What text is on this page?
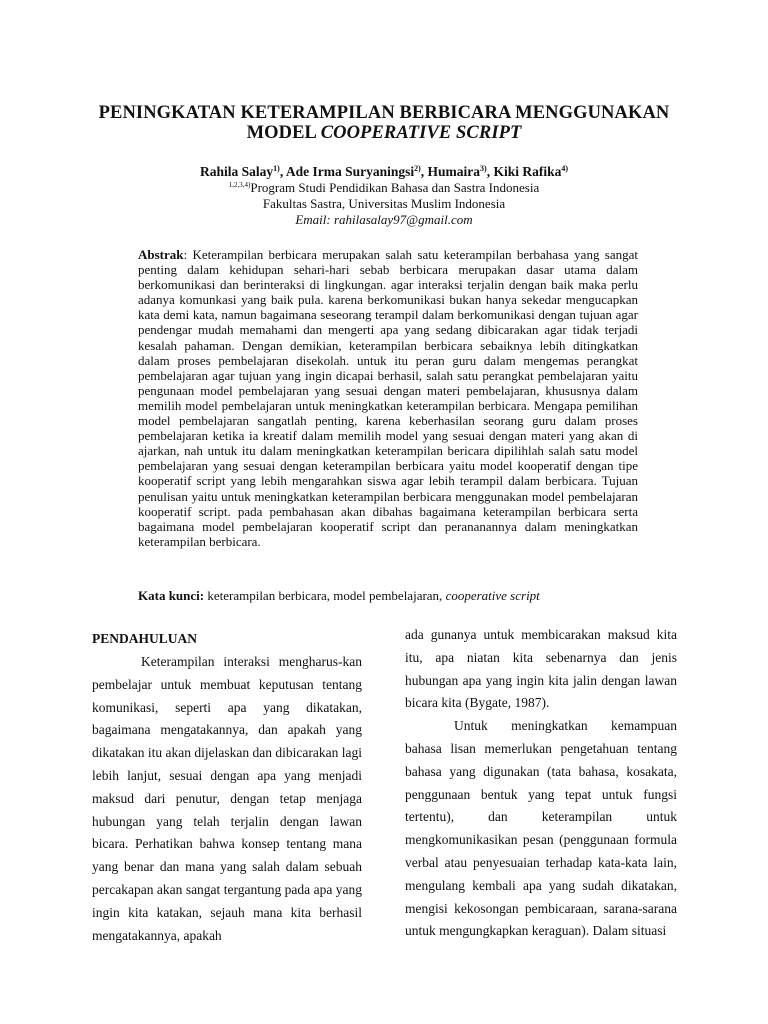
PENINGKATAN KETERAMPILAN BERBICARA MENGGUNAKAN
MODEL COOPERATIVE SCRIPT
Rahila Salay$^{1)}$, Ade Irma Suryaningsi$^{2)}$, Humaira$^{3)}$, Kiki Rafika$^{4)}$
$^{1,2,3,4)}$Program Studi Pendidikan Bahasa dan Sastra Indonesia
Fakultas Sastra, Universitas Muslim Indonesia
Email: rahilasalay97@gmail.com
Abstrak: Keterampilan berbicara merupakan salah satu keterampilan berbahasa yang sangat penting dalam kehidupan sehari-hari sebab berbicara merupakan dasar utama dalam berkomunikasi dan berinteraksi di lingkungan. agar interaksi terjalin dengan baik maka perlu adanya komunkasi yang baik pula. karena berkomunikasi bukan hanya sekedar mengucapkan kata demi kata, namun bagaimana seseorang terampil dalam berkomunikasi dengan tujuan agar pendengar mudah memahami dan mengerti apa yang sedang dibicarakan agar tidak terjadi kesalah pahaman. Dengan demikian, keterampilan berbicara sebaiknya lebih ditingkatkan dalam proses pembelajaran disekolah. untuk itu peran guru dalam mengemas perangkat pembelajaran agar tujuan yang ingin dicapai berhasil, salah satu perangkat pembelajaran yaitu pengunaan model pembelajaran yang sesuai dengan materi pembelajaran, khususnya dalam memilih model pembelajaran untuk meningkatkan keterampilan berbicara. Mengapa pemilihan model pembelajaran sangatlah penting, karena keberhasilan seorang guru dalam proses pembelajaran ketika ia kreatif dalam memilih model yang sesuai dengan materi yang akan di ajarkan, nah untuk itu dalam meningkatkan keterampilan bericara dipilihlah salah satu model pembelajaran yang sesuai dengan keterampilan berbicara yaitu model kooperatif dengan tipe kooperatif script yang lebih mengarahkan siswa agar lebih terampil dalam berbicara. Tujuan penulisan yaitu untuk meningkatkan keterampilan berbicara menggunakan model pembelajaran kooperatif script. pada pembahasan akan dibahas bagaimana keterampilan berbicara serta bagaimana model pembelajaran kooperatif script dan perananannya dalam meningkatkan keterampilan berbicara.
Kata kunci: keterampilan berbicara, model pembelajaran, cooperative script
PENDAHULUAN

Keterampilan interaksi mengharus-kan pembelajar untuk membuat keputusan tentang komunikasi, seperti apa yang dikatakan, bagaimana mengatakannya, dan apakah yang dikatakan itu akan dijelaskan dan dibicarakan lagi lebih lanjut, sesuai dengan apa yang menjadi maksud dari penutur, dengan tetap menjaga hubungan yang telah terjalin dengan lawan bicara. Perhatikan bahwa konsep tentang mana yang benar dan mana yang salah dalam sebuah percakapan akan sangat tergantung pada apa yang ingin kita katakan, sejauh mana kita berhasil mengatakannya, apakah

ada gunanya untuk membicarakan maksud kita itu, apa niatan kita sebenarnya dan jenis hubungan apa yang ingin kita jalin dengan lawan bicara kita (Bygate, 1987).

Untuk meningkatkan kemampuan bahasa lisan memerlukan pengetahuan tentang bahasa yang digunakan (tata bahasa, kosakata, penggunaan bentuk yang tepat untuk fungsi tertentu), dan keterampilan untuk mengkomunikasikan pesan (penggunaan formula verbal atau penyesuaian terhadap kata-kata lain, mengulang kembali apa yang sudah dikatakan, mengisi kekosongan pembicaraan, sarana-sarana untuk mengungkapkan keraguan). Dalam situasi
